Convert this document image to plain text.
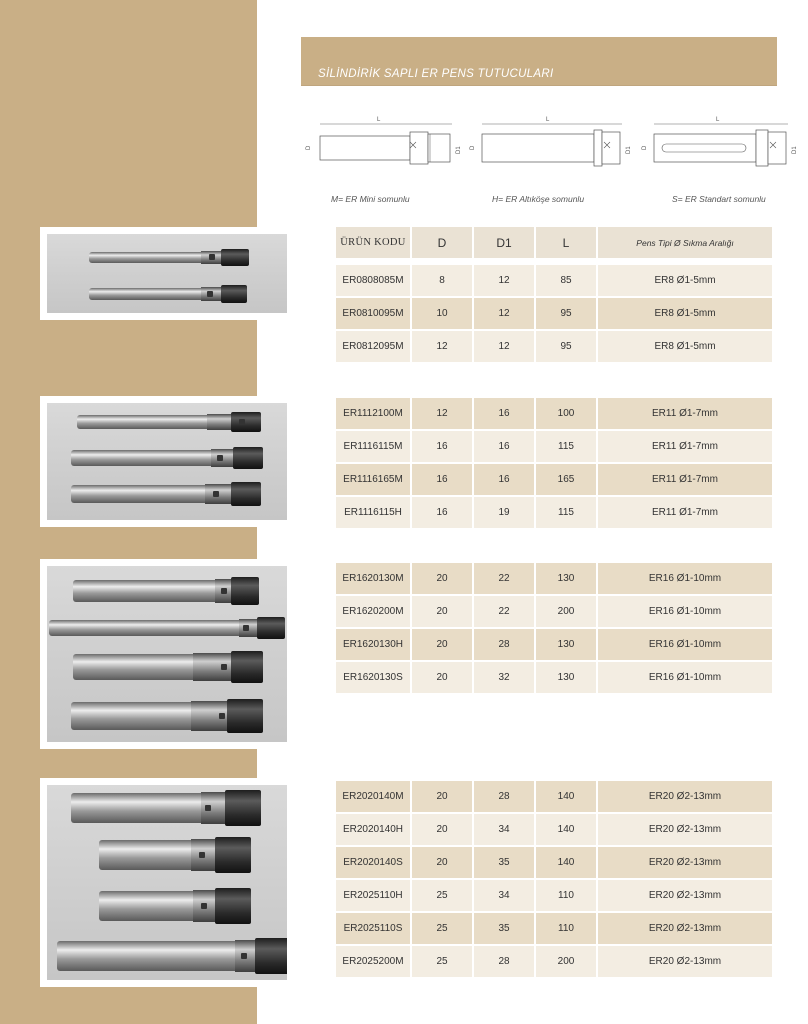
SİLİNDİRİK SAPLI ER PENS TUTUCULARI
L
D	D1
L
D	D1
L
D	D1
M= ER Mini somunlu	H= ER Altıköşe somunlu	S= ER Standart somunlu
ÜRÜN KODU	D	D1	L	Pens Tipi Ø Sıkma Aralığı

ER0808085M	8	12	85	ER8 Ø1-5mm
ER0810095M	10	12	95	ER8 Ø1-5mm
ER0812095M	12	12	95	ER8 Ø1-5mm
ER1112100M	12	16	100	ER11 Ø1-7mm
ER1116115M	16	16	115	ER11 Ø1-7mm
ER1116165M	16	16	165	ER11 Ø1-7mm
ER1116115H	16	19	115	ER11 Ø1-7mm
ER1620130M	20	22	130	ER16 Ø1-10mm
ER1620200M	20	22	200	ER16 Ø1-10mm
ER1620130H	20	28	130	ER16 Ø1-10mm
ER1620130S	20	32	130	ER16 Ø1-10mm
ER2020140M	20	28	140	ER20 Ø2-13mm
ER2020140H	20	34	140	ER20 Ø2-13mm
ER2020140S	20	35	140	ER20 Ø2-13mm
ER2025110H	25	34	110	ER20 Ø2-13mm
ER2025110S	25	35	110	ER20 Ø2-13mm
ER2025200M	25	28	200	ER20 Ø2-13mm
